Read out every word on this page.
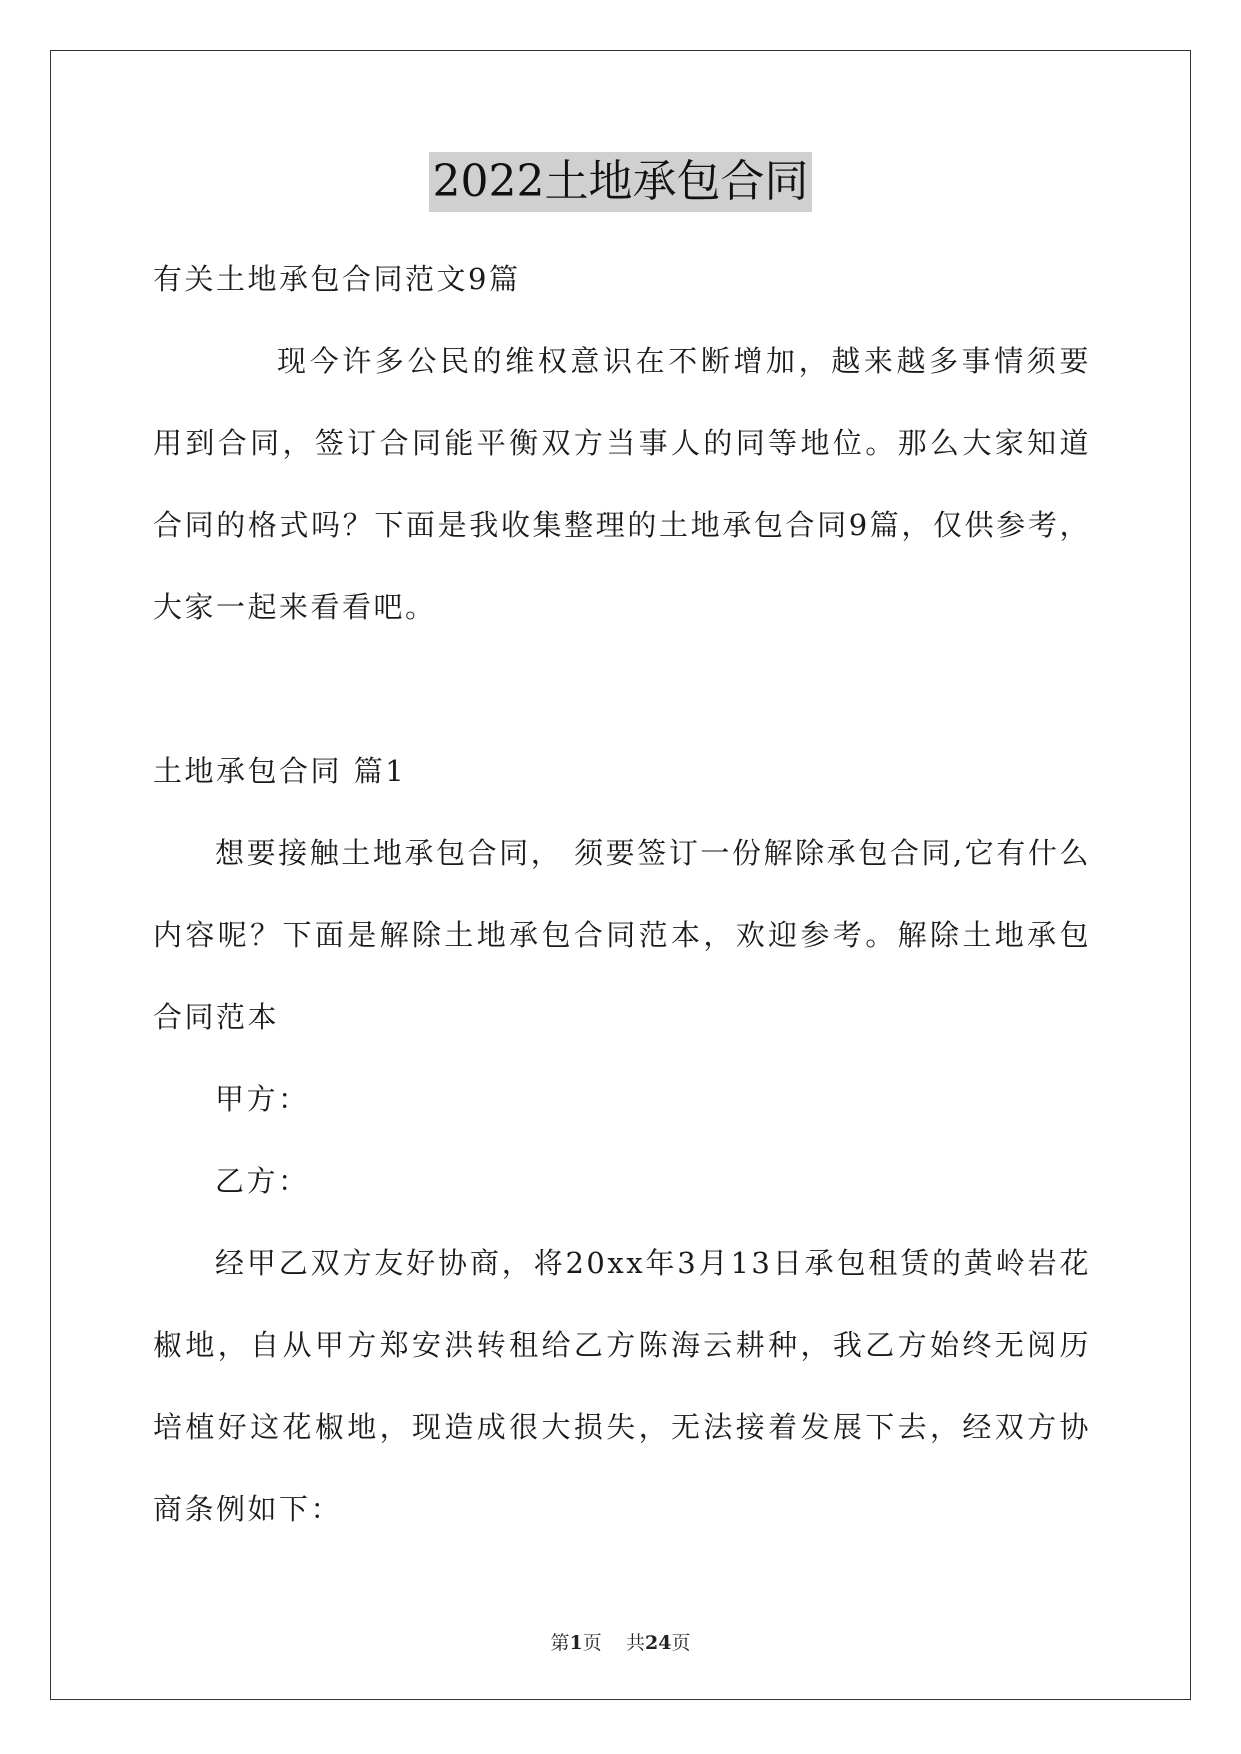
2022土地承包合同

有关土地承包合同范文9篇

现今许多公民的维权意识在不断增加，越来越多事情须要用到合同，签订合同能平衡双方当事人的同等地位。那么大家知道合同的格式吗？下面是我收集整理的土地承包合同9篇，仅供参考，大家一起来看看吧。

土地承包合同 篇1

想要接触土地承包合同， 须要签订一份解除承包合同,它有什么内容呢？下面是解除土地承包合同范本，欢迎参考。解除土地承包合同范本

甲方：

乙方：

经甲乙双方友好协商，将20xx年3月13日承包租赁的黄岭岩花椒地，自从甲方郑安洪转租给乙方陈海云耕种，我乙方始终无阅历培植好这花椒地，现造成很大损失，无法接着发展下去，经双方协商条例如下：

第1页 共24页
